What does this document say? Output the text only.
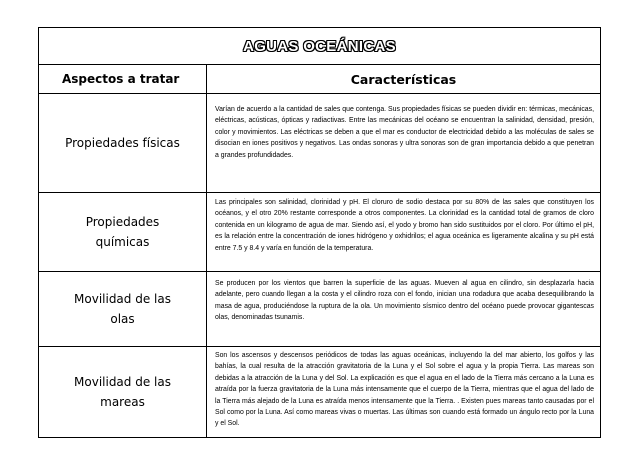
AGUAS OCEÁNICAS
Aspectos a tratar	Características
Propiedades físicas
Varían de acuerdo a la cantidad de sales que contenga. Sus propiedades físicas se pueden dividir en: térmicas, mecánicas, eléctricas, acústicas, ópticas y radiactivas. Entre las mecánicas del océano se encuentran la salinidad, densidad, presión, color y movimientos. Las eléctricas se deben a que el mar es conductor de electricidad debido a las moléculas de sales se disocian en iones positivos y negativos. Las ondas sonoras y ultra sonoras son de gran importancia debido a que penetran a grandes profundidades.
Propiedades químicas
Las principales son salinidad, clorinidad y pH. El cloruro de sodio destaca por su 80% de las sales que constituyen los océanos, y el otro 20% restante corresponde a otros componentes. La clorinidad es la cantidad total de gramos de cloro contenida en un kilogramo de agua de mar. Siendo así, el yodo y bromo han sido sustituidos por el cloro. Por último el pH, es la relación entre la concentración de iones hidrógeno y oxhidrilos; el agua oceánica es ligeramente alcalina y su pH está entre 7.5 y 8.4 y varía en función de la temperatura.
Movilidad de las olas
Se producen por los vientos que barren la superficie de las aguas. Mueven al agua en cilindro, sin desplazarla hacia adelante, pero cuando llegan a la costa y el cilindro roza con el fondo, inician una rodadura que acaba desequilibrando la masa de agua, produciéndose la ruptura de la ola. Un movimiento sísmico dentro del océano puede provocar gigantescas olas, denominadas tsunamis.
Movilidad de las mareas
Son los ascensos y descensos periódicos de todas las aguas oceánicas, incluyendo la del mar abierto, los golfos y las bahías, la cual resulta de la atracción gravitatoria de la Luna y el Sol sobre el agua y la propia Tierra. Las mareas son debidas a la atracción de la Luna y del Sol. La explicación es que el agua en el lado de la Tierra más cercano a la Luna es atraída por la fuerza gravitatoria de la Luna más intensamente que el cuerpo de la Tierra, mientras que el agua del lado de la Tierra más alejado de la Luna es atraída menos intensamente que la Tierra. . Existen pues mareas tanto causadas por el Sol como por la Luna. Así como mareas vivas o muertas. Las últimas son cuando está formado un ángulo recto por la Luna y el Sol.
